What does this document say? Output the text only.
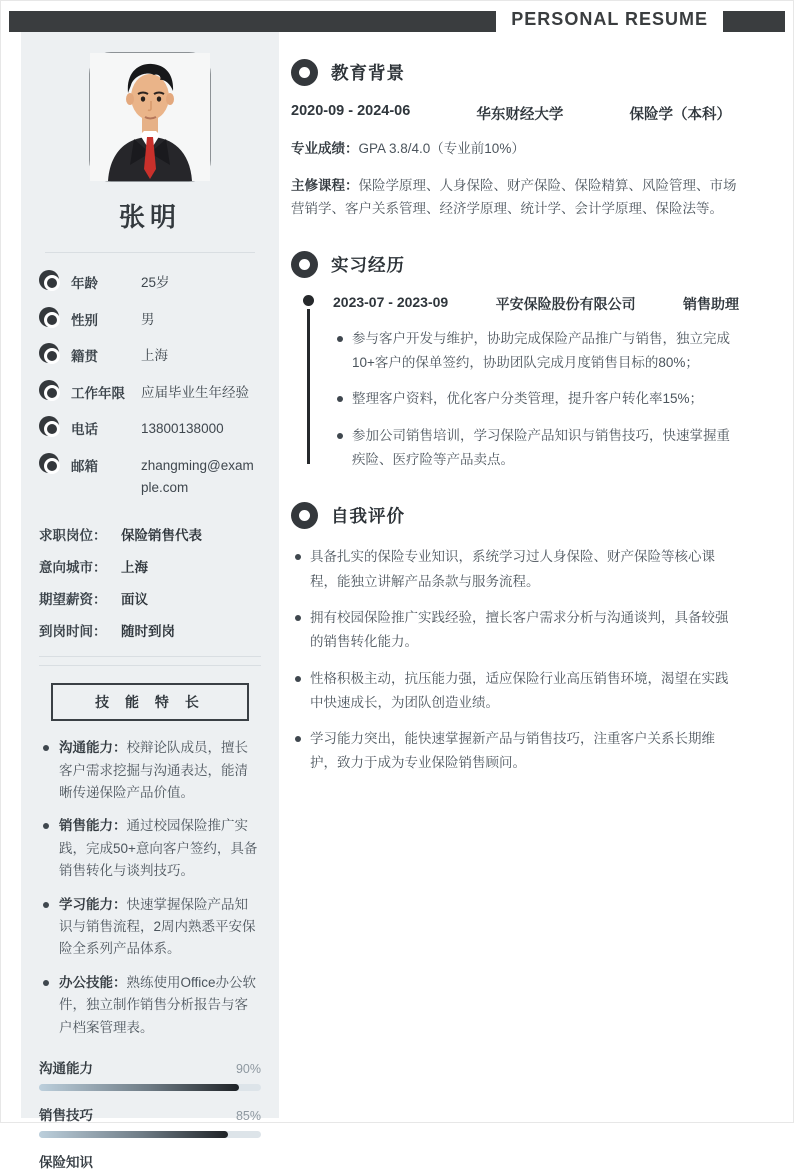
PERSONAL RESUME
张明
年龄	25岁
性别	男
籍贯	上海
工作年限	应届毕业生年经验
电话	13800138000
邮箱	zhangming@example.com
求职岗位：	保险销售代表
意向城市：	上海
期望薪资：	面议
到岗时间：	随时到岗
技 能 特 长
沟通能力：校辩论队成员，擅长客户需求挖掘与沟通表达，能清晰传递保险产品价值。
销售能力：通过校园保险推广实践，完成50+意向客户签约，具备销售转化与谈判技巧。
学习能力：快速掌握保险产品知识与销售流程，2周内熟悉平安保险全系列产品体系。
办公技能：熟练使用Office办公软件，独立制作销售分析报告与客户档案管理表。
沟通能力	90%
销售技巧	85%
保险知识
教育背景
2020-09 - 2024-06	华东财经大学	保险学（本科）

专业成绩：GPA 3.8/4.0（专业前10%）

主修课程：保险学原理、人身保险、财产保险、保险精算、风险管理、市场营销学、客户关系管理、经济学原理、统计学、会计学原理、保险法等。

实习经历
2023-07 - 2023-09	平安保险股份有限公司	销售助理
参与客户开发与维护，协助完成保险产品推广与销售，独立完成10+客户的保单签约，协助团队完成月度销售目标的80%；
整理客户资料，优化客户分类管理，提升客户转化率15%；
参加公司销售培训，学习保险产品知识与销售技巧，快速掌握重疾险、医疗险等产品卖点。
自我评价
具备扎实的保险专业知识，系统学习过人身保险、财产保险等核心课程，能独立讲解产品条款与服务流程。
拥有校园保险推广实践经验，擅长客户需求分析与沟通谈判，具备较强的销售转化能力。
性格积极主动，抗压能力强，适应保险行业高压销售环境，渴望在实践中快速成长，为团队创造业绩。
学习能力突出，能快速掌握新产品与销售技巧，注重客户关系长期维护，致力于成为专业保险销售顾问。
